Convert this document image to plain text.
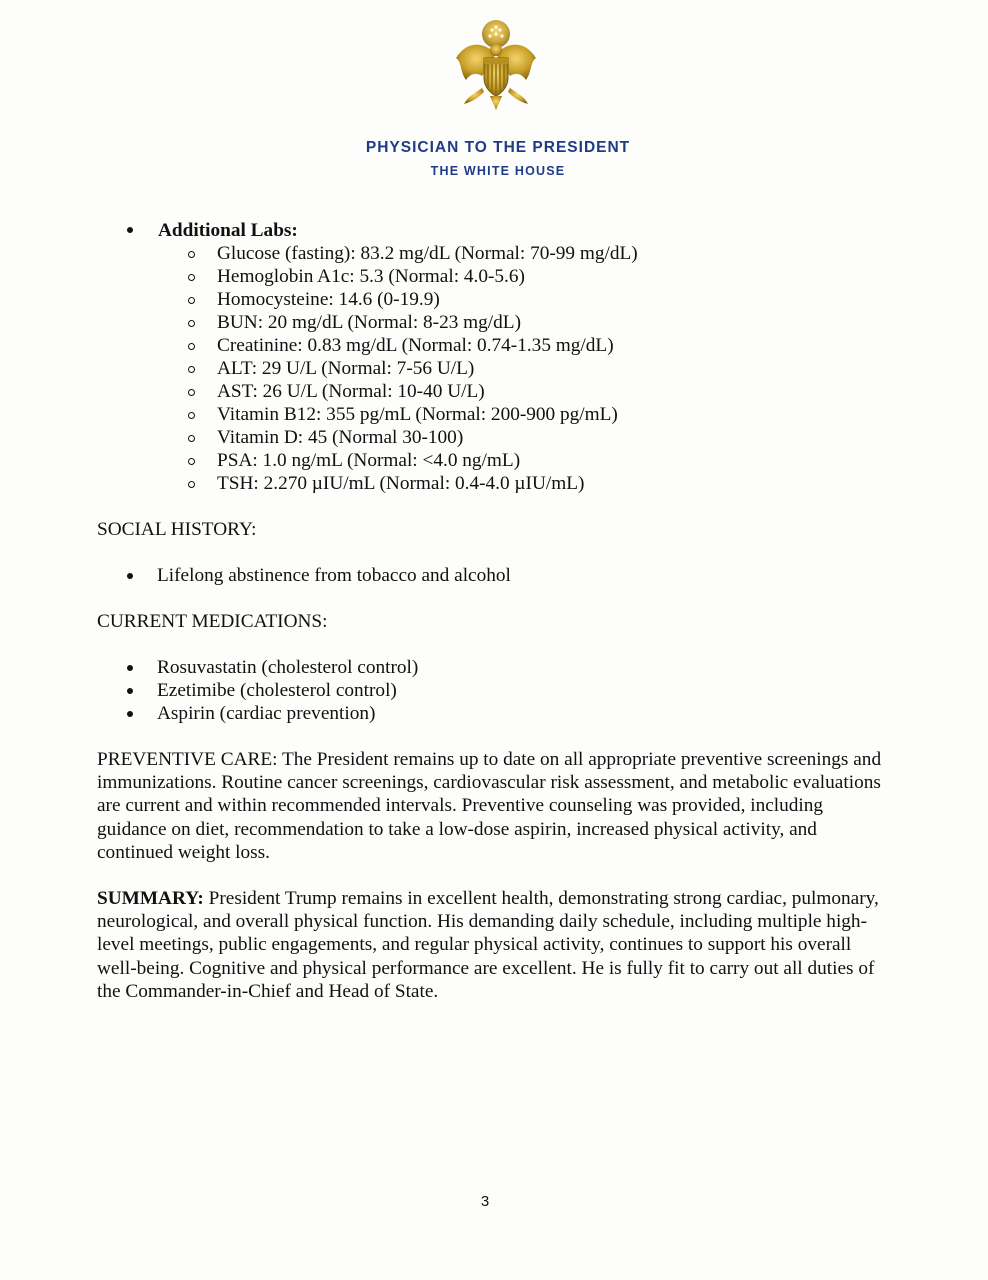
PHYSICIAN TO THE PRESIDENT
THE WHITE HOUSE
Additional Labs:
Glucose (fasting): 83.2 mg/dL (Normal: 70-99 mg/dL)
Hemoglobin A1c: 5.3 (Normal: 4.0-5.6)
Homocysteine: 14.6 (0-19.9)
BUN: 20 mg/dL (Normal: 8-23 mg/dL)
Creatinine: 0.83 mg/dL (Normal: 0.74-1.35 mg/dL)
ALT: 29 U/L (Normal: 7-56 U/L)
AST: 26 U/L (Normal: 10-40 U/L)
Vitamin B12: 355 pg/mL (Normal: 200-900 pg/mL)
Vitamin D: 45 (Normal 30-100)
PSA: 1.0 ng/mL (Normal: <4.0 ng/mL)
TSH: 2.270 µIU/mL (Normal: 0.4-4.0 µIU/mL)
SOCIAL HISTORY:
Lifelong abstinence from tobacco and alcohol
CURRENT MEDICATIONS:
Rosuvastatin (cholesterol control)
Ezetimibe (cholesterol control)
Aspirin (cardiac prevention)
PREVENTIVE CARE: The President remains up to date on all appropriate preventive screenings and immunizations. Routine cancer screenings, cardiovascular risk assessment, and metabolic evaluations are current and within recommended intervals. Preventive counseling was provided, including guidance on diet, recommendation to take a low-dose aspirin, increased physical activity, and continued weight loss.
SUMMARY: President Trump remains in excellent health, demonstrating strong cardiac, pulmonary, neurological, and overall physical function. His demanding daily schedule, including multiple high-level meetings, public engagements, and regular physical activity, continues to support his overall well-being. Cognitive and physical performance are excellent. He is fully fit to carry out all duties of the Commander-in-Chief and Head of State.
3
